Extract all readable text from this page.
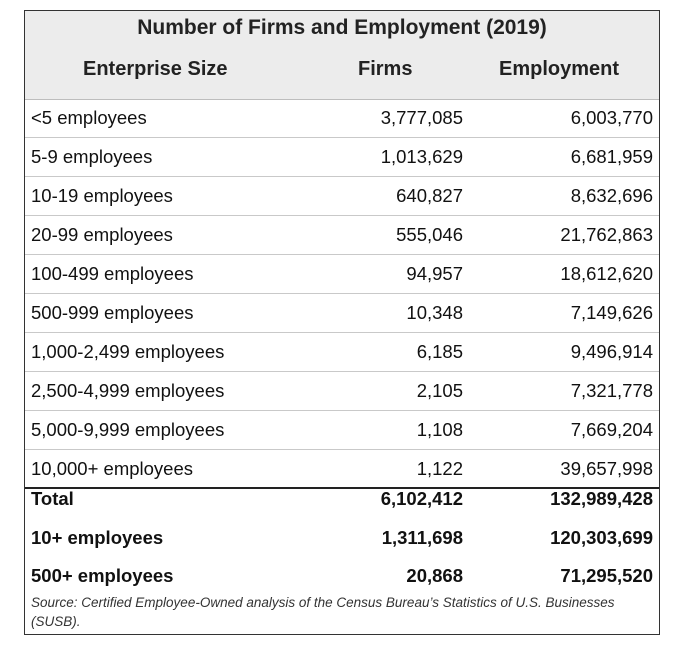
Number of Firms and Employment (2019)
Enterprise Size	Firms	Employment
<5 employees	3,777,085	6,003,770
5-9 employees	1,013,629	6,681,959
10-19 employees	640,827	8,632,696
20-99 employees	555,046	21,762,863
100-499 employees	94,957	18,612,620
500-999 employees	10,348	7,149,626
1,000-2,499 employees	6,185	9,496,914
2,500-4,999 employees	2,105	7,321,778
5,000-9,999 employees	1,108	7,669,204
10,000+ employees	1,122	39,657,998
Total	6,102,412	132,989,428
10+ employees	1,311,698	120,303,699
500+ employees	20,868	71,295,520
Source: Certified Employee-Owned analysis of the Census Bureau’s Statistics of U.S. Businesses (SUSB).
